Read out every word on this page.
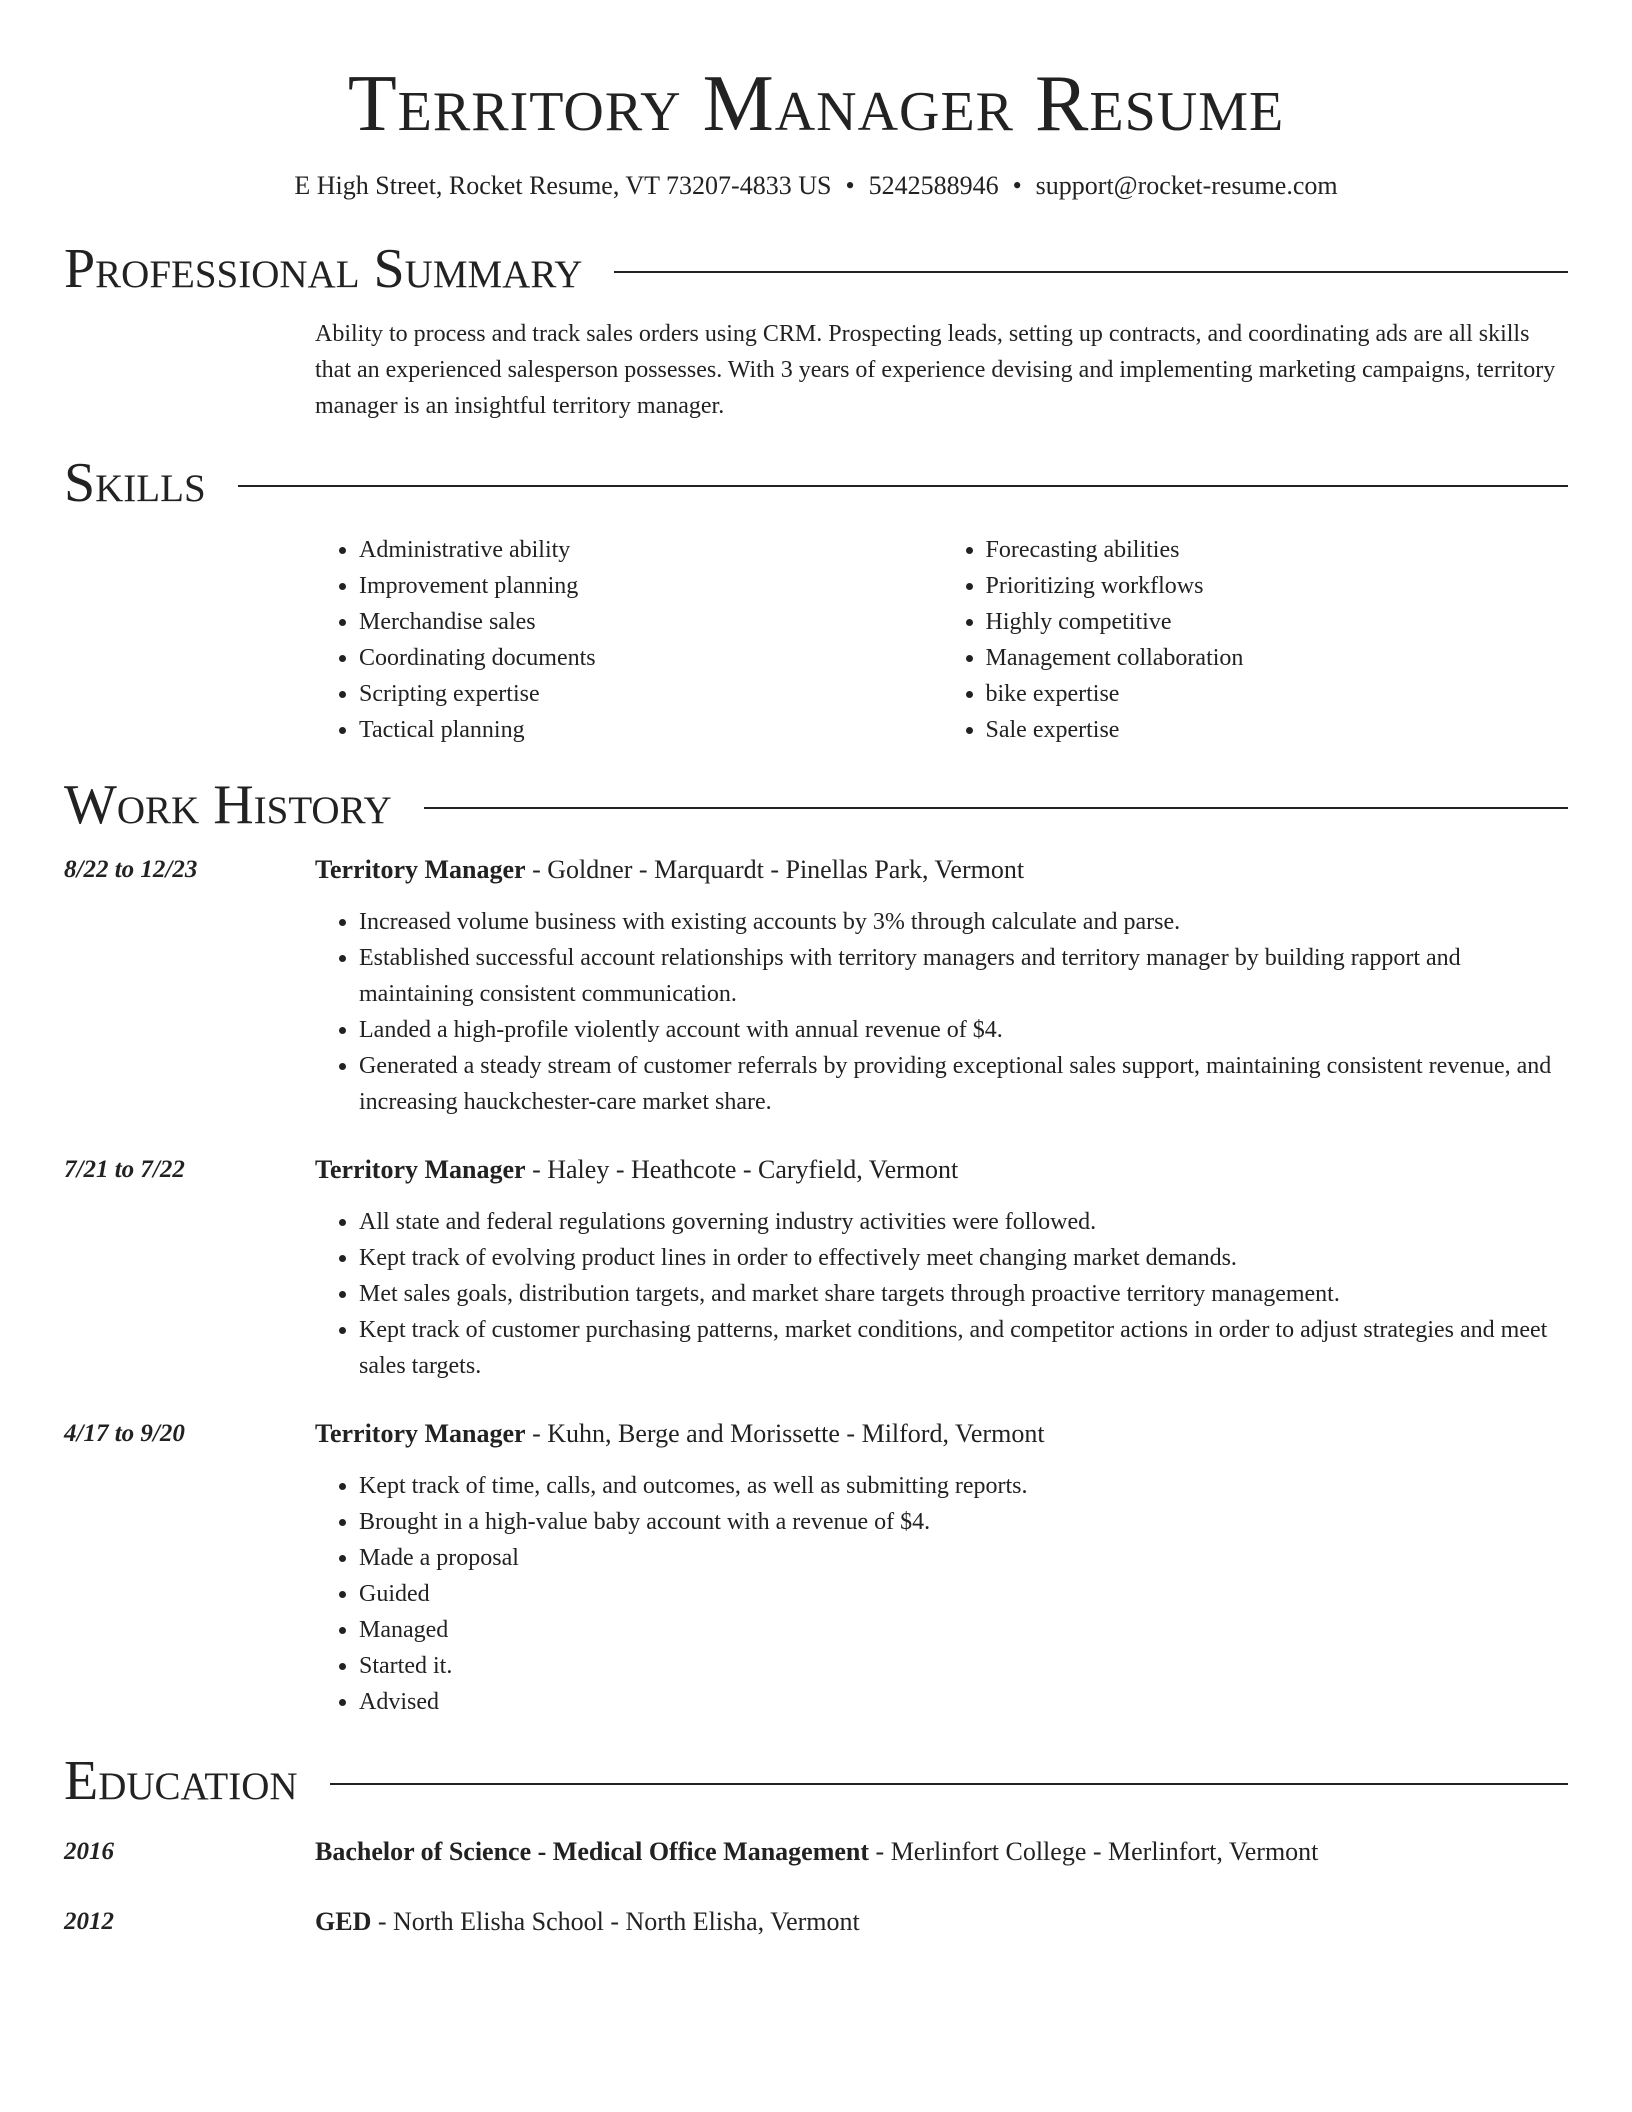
Territory Manager Resume
E High Street, Rocket Resume, VT 73207-4833 US • 5242588946 • support@rocket-resume.com
Professional Summary
Ability to process and track sales orders using CRM. Prospecting leads, setting up contracts, and coordinating ads are all skills that an experienced salesperson possesses. With 3 years of experience devising and implementing marketing campaigns, territory manager is an insightful territory manager.
Skills
• Administrative ability
• Improvement planning
• Merchandise sales
• Coordinating documents
• Scripting expertise
• Tactical planning
• Forecasting abilities
• Prioritizing workflows
• Highly competitive
• Management collaboration
• bike expertise
• Sale expertise
Work History
8/22 to 12/23	Territory Manager - Goldner - Marquardt - Pinellas Park, Vermont
• Increased volume business with existing accounts by 3% through calculate and parse.
• Established successful account relationships with territory managers and territory manager by building rapport and maintaining consistent communication.
• Landed a high-profile violently account with annual revenue of $4.
• Generated a steady stream of customer referrals by providing exceptional sales support, maintaining consistent revenue, and increasing hauckchester-care market share.
7/21 to 7/22	Territory Manager - Haley - Heathcote - Caryfield, Vermont
• All state and federal regulations governing industry activities were followed.
• Kept track of evolving product lines in order to effectively meet changing market demands.
• Met sales goals, distribution targets, and market share targets through proactive territory management.
• Kept track of customer purchasing patterns, market conditions, and competitor actions in order to adjust strategies and meet sales targets.
4/17 to 9/20	Territory Manager - Kuhn, Berge and Morissette - Milford, Vermont
• Kept track of time, calls, and outcomes, as well as submitting reports.
• Brought in a high-value baby account with a revenue of $4.
• Made a proposal
• Guided
• Managed
• Started it.
• Advised
Education
2016	Bachelor of Science - Medical Office Management - Merlinfort College - Merlinfort, Vermont
2012	GED - North Elisha School - North Elisha, Vermont
